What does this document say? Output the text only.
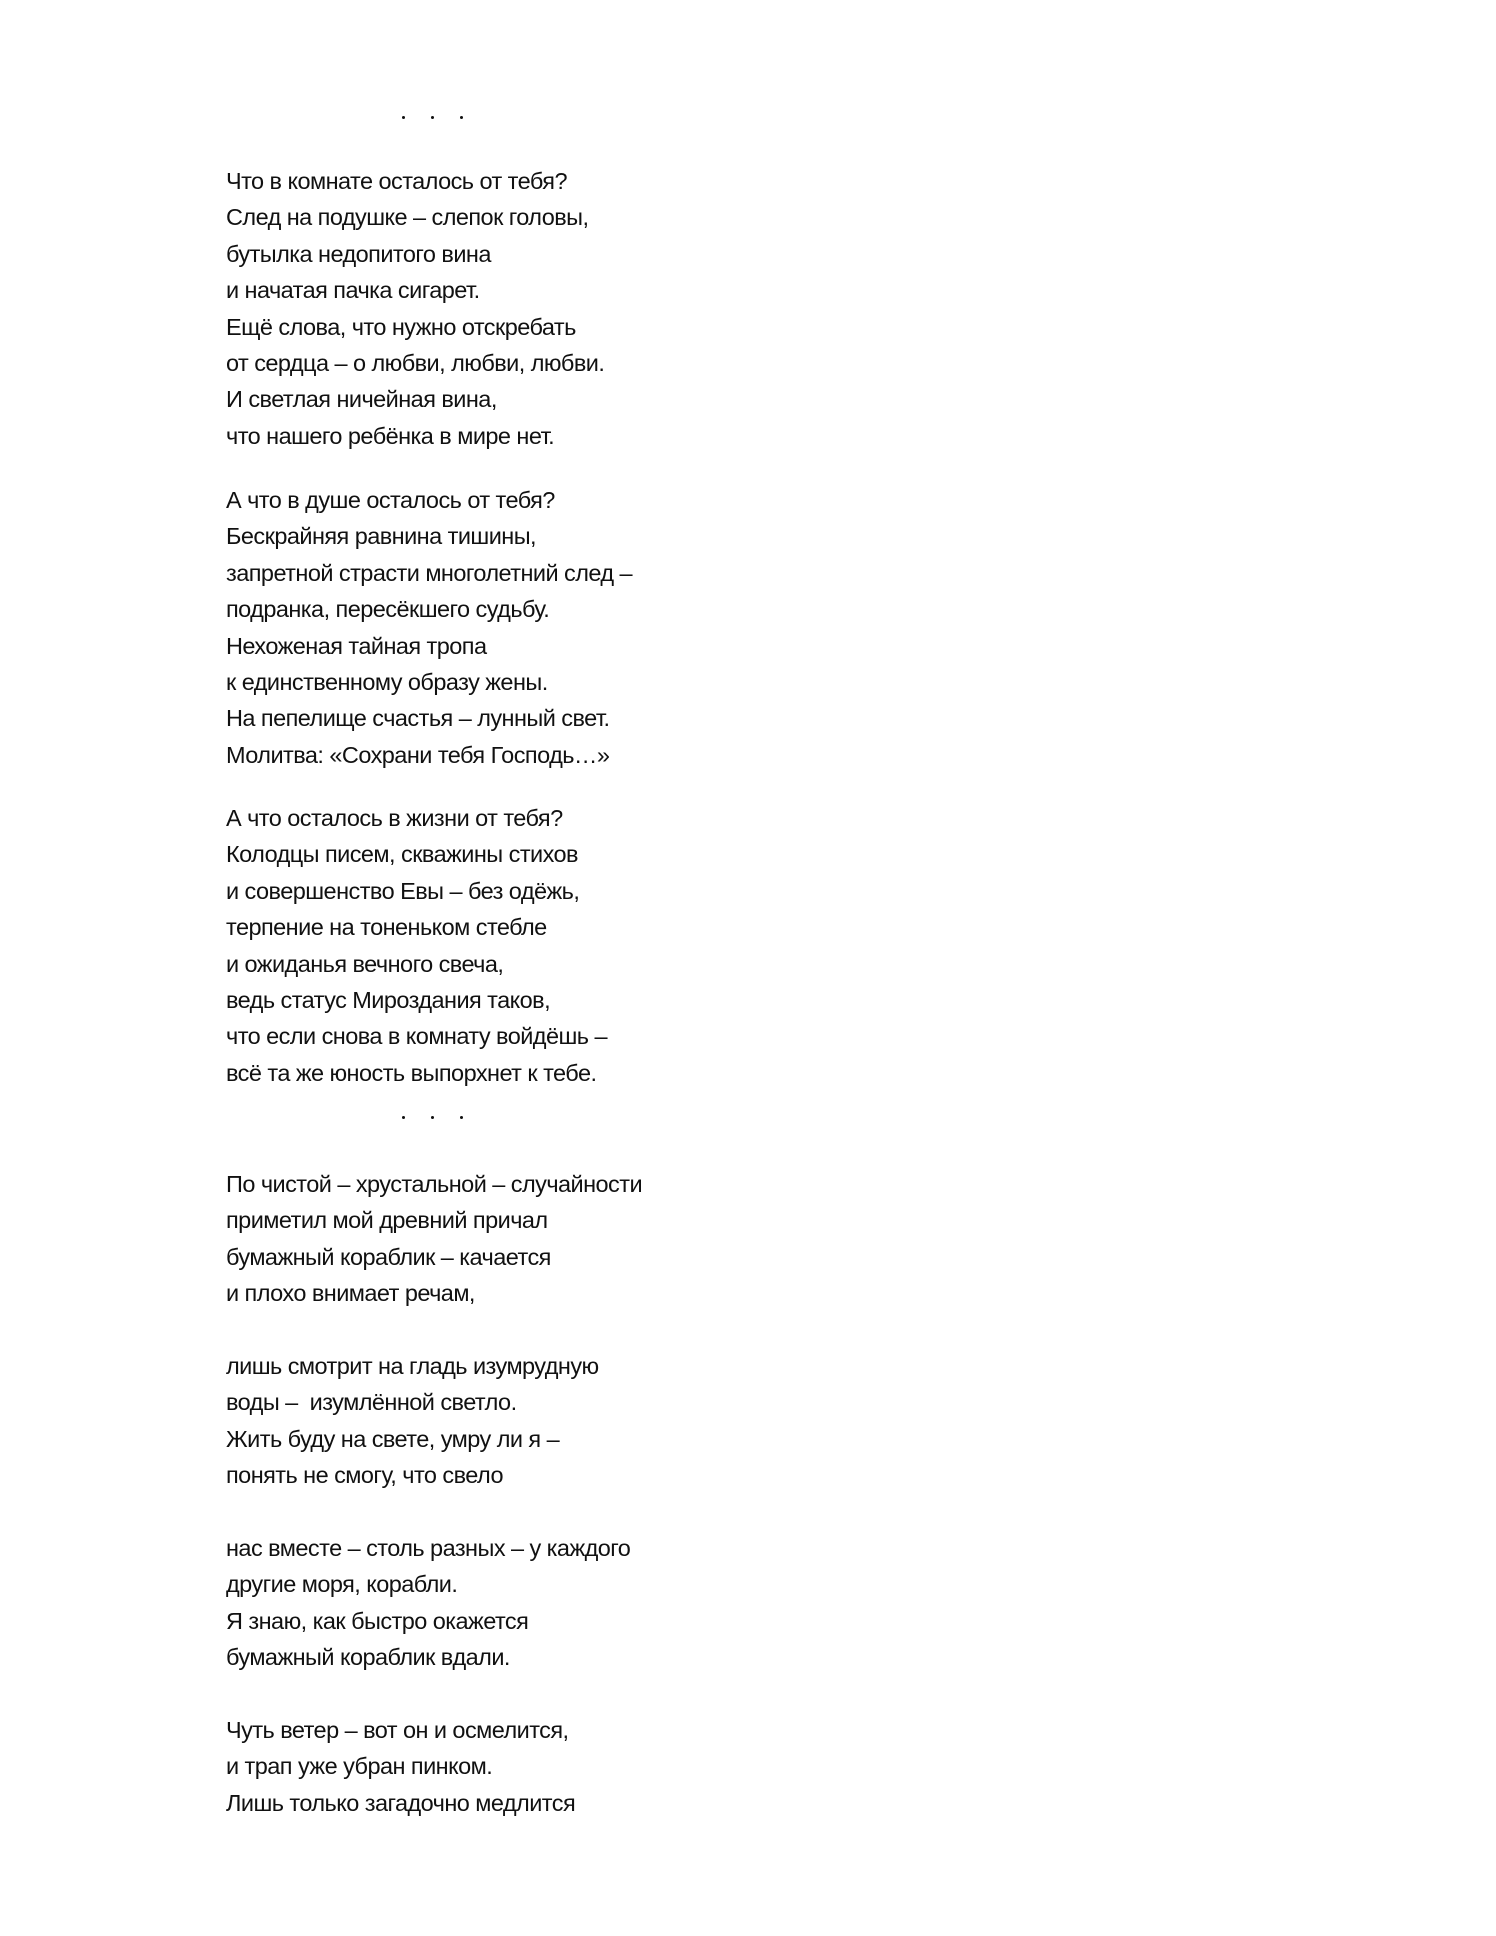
Что в комнате осталось от тебя?
След на подушке – слепок головы,
бутылка недопитого вина
и начатая пачка сигарет.
Ещё слова, что нужно отскребать
от сердца – о любви, любви, любви.
И светлая ничейная вина,
что нашего ребёнка в мире нет.
А что в душе осталось от тебя?
Бескрайняя равнина тишины,
запретной страсти многолетний след –
подранка, пересёкшего судьбу.
Нехоженая тайная тропа
к единственному образу жены.
На пепелище счастья – лунный свет.
Молитва: «Сохрани тебя Господь…»
А что осталось в жизни от тебя?
Колодцы писем, скважины стихов
и совершенство Евы – без одёжь,
терпение на тоненьком стебле
и ожиданья вечного свеча,
ведь статус Мироздания таков,
что если снова в комнату войдёшь –
всё та же юность выпорхнет к тебе.
По чистой – хрустальной – случайности
приметил мой древний причал
бумажный кораблик – качается
и плохо внимает речам,
лишь смотрит на гладь изумрудную
воды –  изумлённой светло.
Жить буду на свете, умру ли я –
понять не смогу, что свело
нас вместе – столь разных – у каждого
другие моря, корабли.
Я знаю, как быстро окажется
бумажный кораблик вдали.
Чуть ветер – вот он и осмелится,
и трап уже убран пинком.
Лишь только загадочно медлится
